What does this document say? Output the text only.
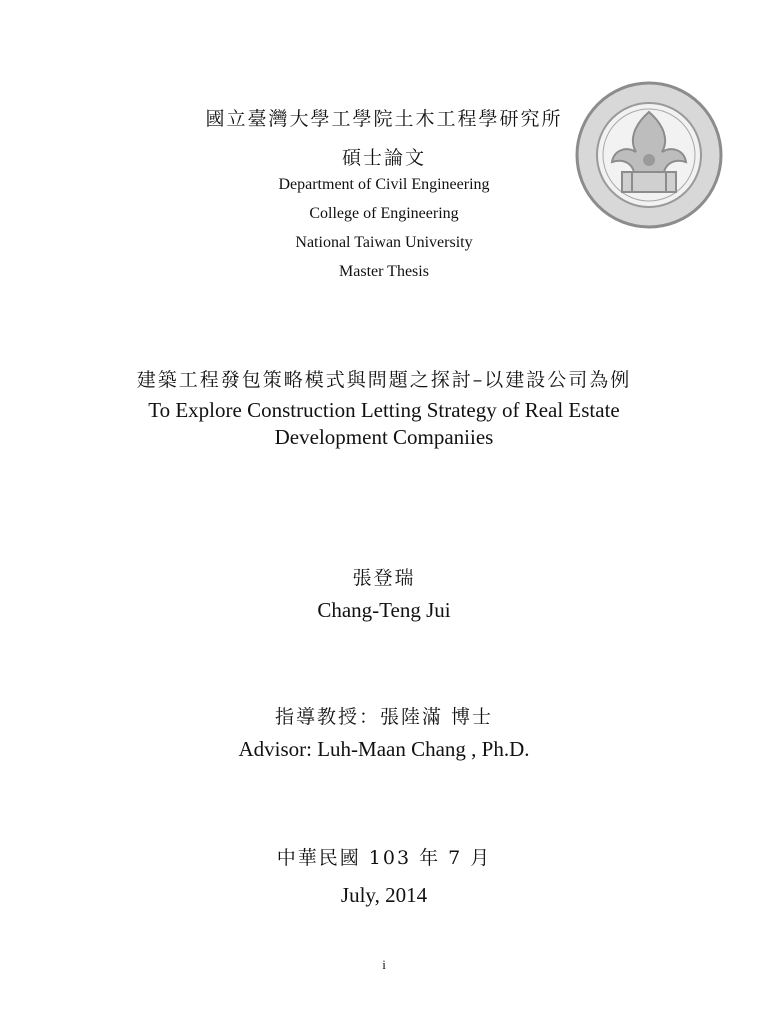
國立臺灣大學工學院土木工程學研究所
碩士論文
Department of Civil Engineering
College of Engineering
National Taiwan University
Master Thesis
建築工程發包策略模式與問題之探討–以建設公司為例
To Explore Construction Letting Strategy of Real Estate
Development Companiies
張登瑞
Chang-Teng Jui
指導教授：張陸滿 博士
Advisor: Luh-Maan Chang , Ph.D.
中華民國 103 年 7 月
July, 2014
i
